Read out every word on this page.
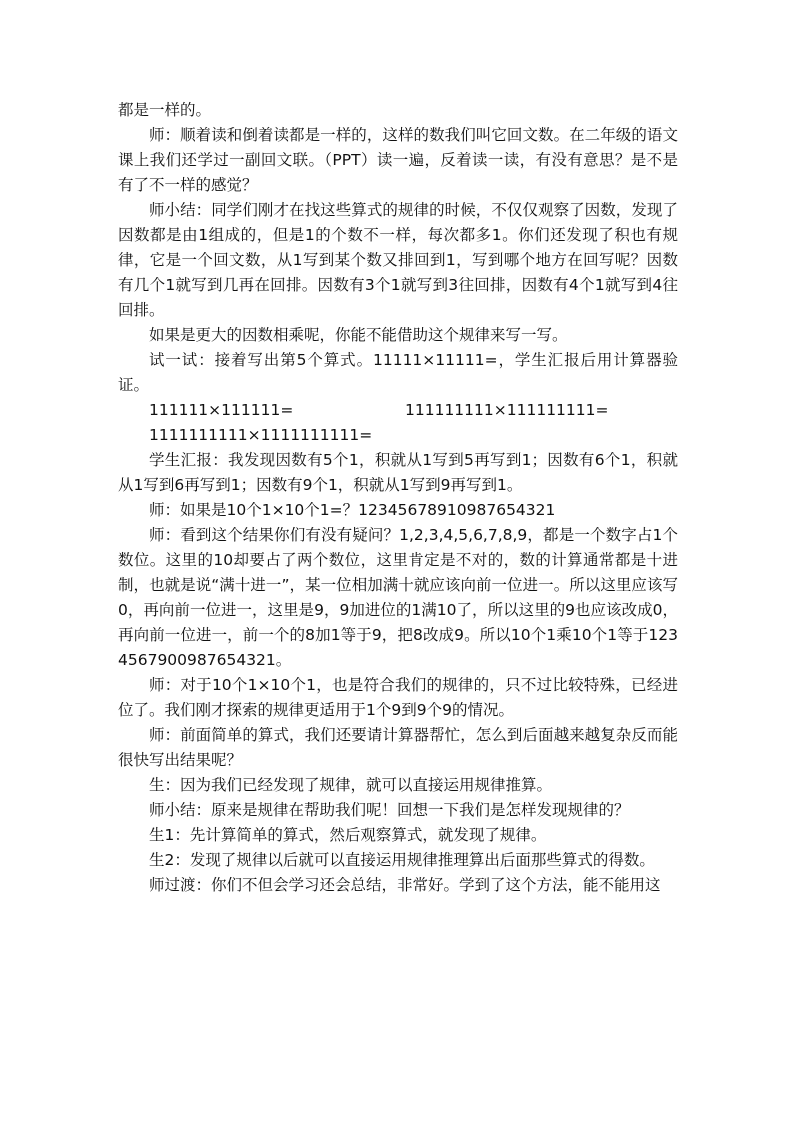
都是一样的。

师：顺着读和倒着读都是一样的，这样的数我们叫它回文数。在二年级的语文课上我们还学过一副回文联。（PPT）读一遍，反着读一读，有没有意思？是不是有了不一样的感觉？

师小结：同学们刚才在找这些算式的规律的时候，不仅仅观察了因数，发现了因数都是由1组成的，但是1的个数不一样，每次都多1。你们还发现了积也有规律，它是一个回文数，从1写到某个数又排回到1，写到哪个地方在回写呢？因数有几个1就写到几再在回排。因数有3个1就写到3往回排，因数有4个1就写到4往回排。

如果是更大的因数相乘呢，你能不能借助这个规律来写一写。

试一试：接着写出第5个算式。11111×11111=，学生汇报后用计算器验证。

111111×111111=	111111111×111111111=
1111111111×1111111111=

学生汇报：我发现因数有5个1，积就从1写到5再写到1；因数有6个1，积就从1写到6再写到1；因数有9个1，积就从1写到9再写到1。

师：如果是10个1×10个1=？12345678910987654321

师：看到这个结果你们有没有疑问？1,2,3,4,5,6,7,8,9，都是一个数字占1个数位。这里的10却要占了两个数位，这里肯定是不对的，数的计算通常都是十进制，也就是说“满十进一”，某一位相加满十就应该向前一位进一。所以这里应该写0，再向前一位进一，这里是9，9加进位的1满10了，所以这里的9也应该改成0，再向前一位进一，前一个的8加1等于9，把8改成9。所以10个1乘10个1等于1234567900987654321。

师：对于10个1×10个1，也是符合我们的规律的，只不过比较特殊，已经进位了。我们刚才探索的规律更适用于1个9到9个9的情况。

师：前面简单的算式，我们还要请计算器帮忙，怎么到后面越来越复杂反而能很快写出结果呢？

生：因为我们已经发现了规律，就可以直接运用规律推算。

师小结：原来是规律在帮助我们呢！回想一下我们是怎样发现规律的？

生1：先计算简单的算式，然后观察算式，就发现了规律。

生2：发现了规律以后就可以直接运用规律推理算出后面那些算式的得数。

师过渡：你们不但会学习还会总结，非常好。学到了这个方法，能不能用这
